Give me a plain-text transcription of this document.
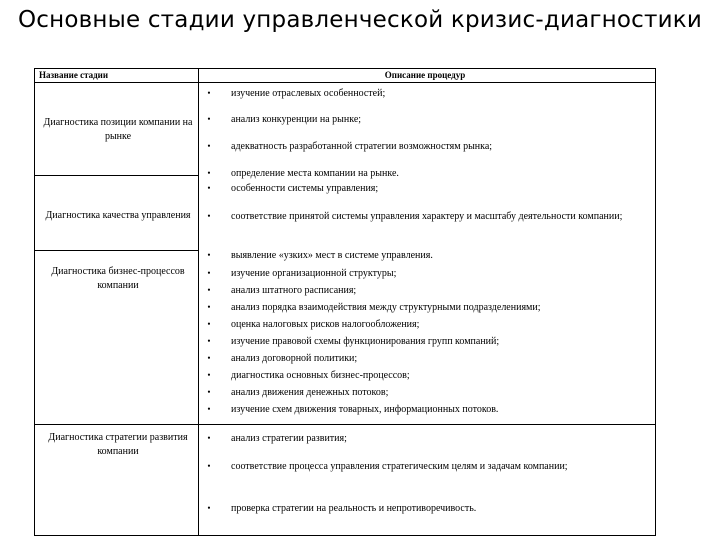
Основные стадии управленческой кризис-диагностики
Название стадии	Описание процедур
Диагностика позиции компании на рынке
• изучение отраслевых особенностей;
• анализ конкуренции на рынке;
• адекватность разработанной стратегии возможностям рынка;
• определение места компании на рынке.
Диагностика качества управления
• особенности системы управления;
• соответствие принятой системы управления характеру и масштабу деятельности компании;
Диагностика бизнес-процессов компании
• выявление «узких» мест в системе управления.
• изучение организационной структуры;
• анализ штатного расписания;
• анализ порядка взаимодействия между структурными подразделениями;
• оценка налоговых рисков налогообложения;
• изучение правовой схемы функционирования групп компаний;
• анализ договорной политики;
• диагностика основных бизнес-процессов;
• анализ движения денежных потоков;
• изучение схем движения товарных, информационных потоков.
Диагностика стратегии развития компании
• анализ стратегии развития;
• соответствие процесса управления стратегическим целям и задачам компании;
• проверка стратегии на реальность и непротиворечивость.
